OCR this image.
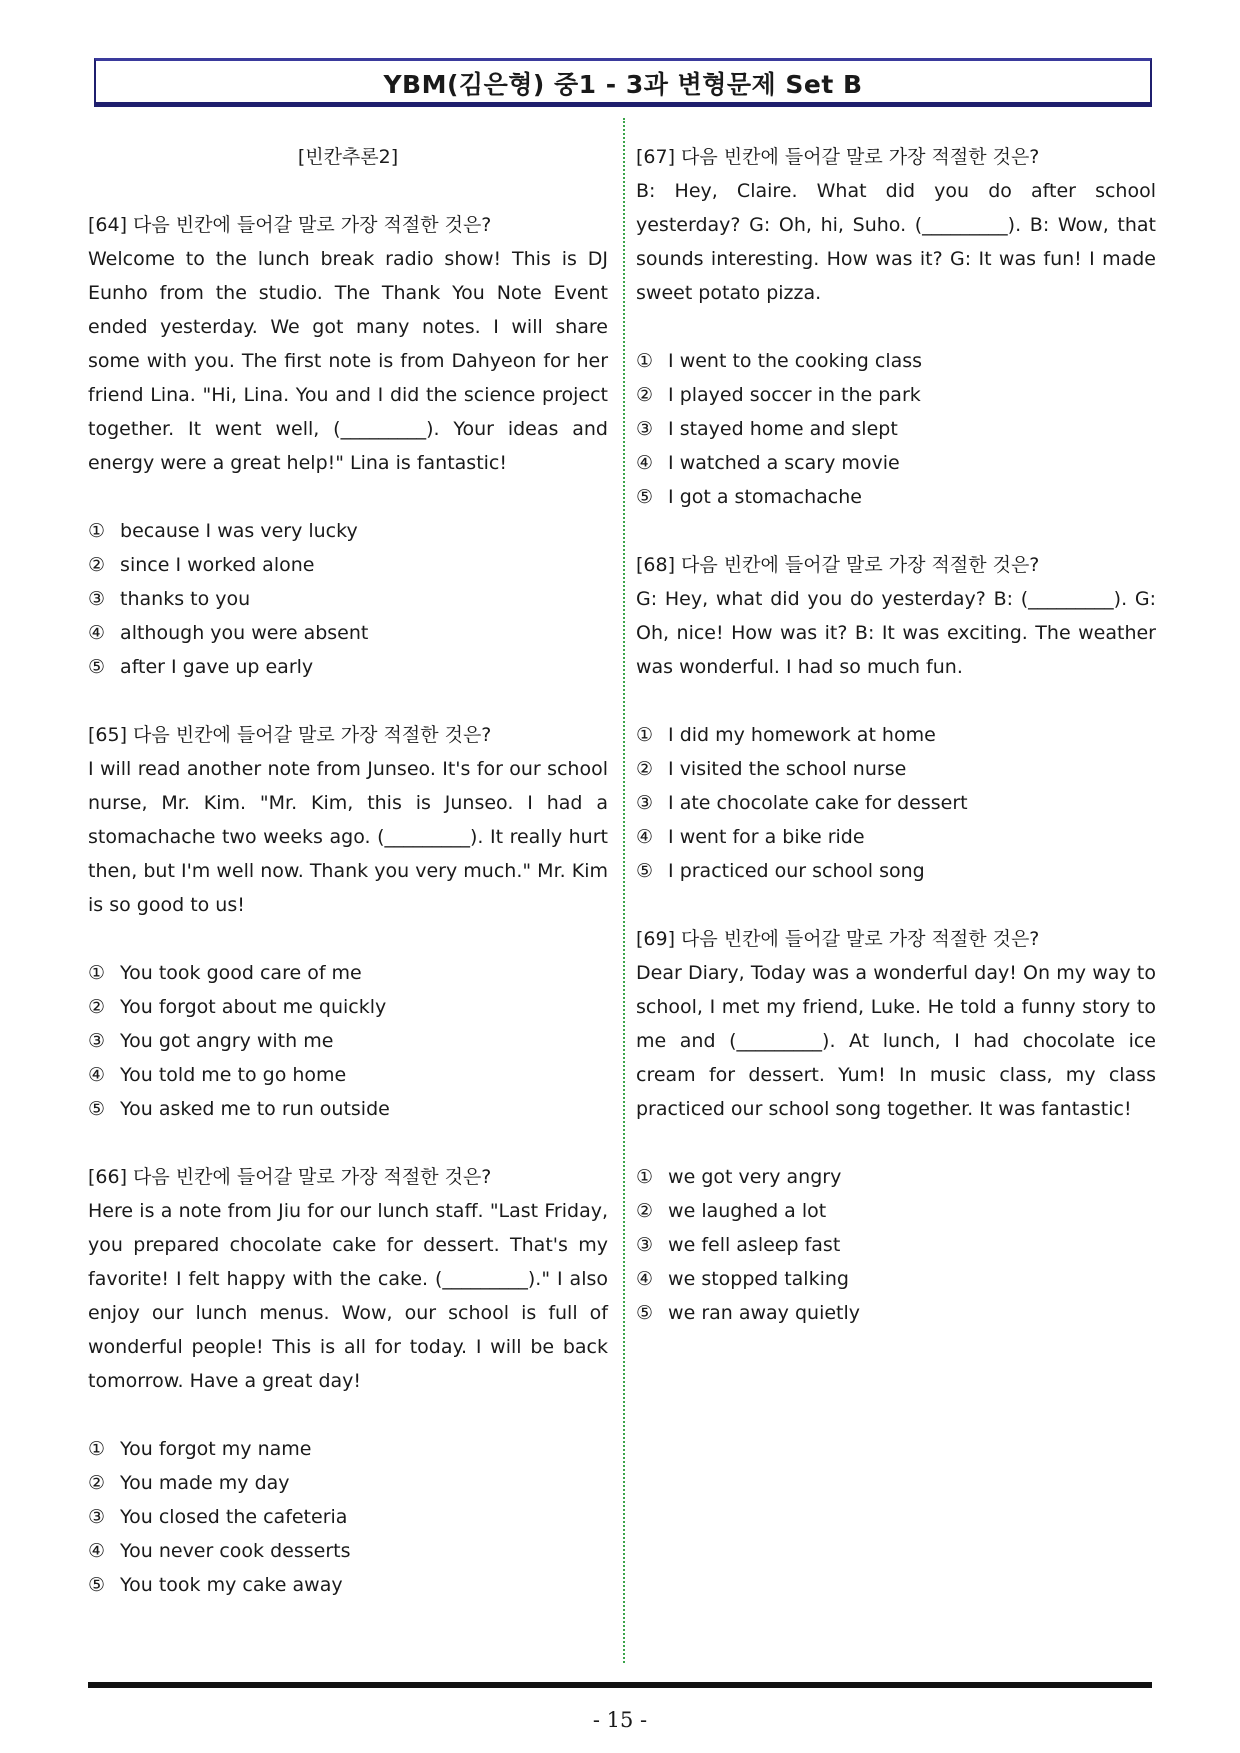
YBM(김은형) 중1 - 3과 변형문제 Set B
[빈칸추론2]

[64] 다음 빈칸에 들어갈 말로 가장 적절한 것은?

Welcome to the lunch break radio show! This is DJ Eunho from the studio. The Thank You Note Event ended yesterday. We got many notes. I will share some with you. The first note is from Dahyeon for her friend Lina. "Hi, Lina. You and I did the science project together. It went well, (_________). Your ideas and energy were a great help!" Lina is fantastic!

① because I was very lucky
② since I worked alone
③ thanks to you
④ although you were absent
⑤ after I gave up early

[65] 다음 빈칸에 들어갈 말로 가장 적절한 것은?

I will read another note from Junseo. It's for our school nurse, Mr. Kim. "Mr. Kim, this is Junseo. I had a stomachache two weeks ago. (_________). It really hurt then, but I'm well now. Thank you very much." Mr. Kim is so good to us!

① You took good care of me
② You forgot about me quickly
③ You got angry with me
④ You told me to go home
⑤ You asked me to run outside

[66] 다음 빈칸에 들어갈 말로 가장 적절한 것은?

Here is a note from Jiu for our lunch staff. "Last Friday, you prepared chocolate cake for dessert. That's my favorite! I felt happy with the cake. (_________)." I also enjoy our lunch menus. Wow, our school is full of wonderful people! This is all for today. I will be back tomorrow. Have a great day!

① You forgot my name
② You made my day
③ You closed the cafeteria
④ You never cook desserts
⑤ You took my cake away

[67] 다음 빈칸에 들어갈 말로 가장 적절한 것은?

B: Hey, Claire. What did you do after school yesterday? G: Oh, hi, Suho. (_________). B: Wow, that sounds interesting. How was it? G: It was fun! I made sweet potato pizza.

① I went to the cooking class
② I played soccer in the park
③ I stayed home and slept
④ I watched a scary movie
⑤ I got a stomachache

[68] 다음 빈칸에 들어갈 말로 가장 적절한 것은?

G: Hey, what did you do yesterday? B: (_________). G: Oh, nice! How was it? B: It was exciting. The weather was wonderful. I had so much fun.

① I did my homework at home
② I visited the school nurse
③ I ate chocolate cake for dessert
④ I went for a bike ride
⑤ I practiced our school song

[69] 다음 빈칸에 들어갈 말로 가장 적절한 것은?

Dear Diary, Today was a wonderful day! On my way to school, I met my friend, Luke. He told a funny story to me and (_________). At lunch, I had chocolate ice cream for dessert. Yum! In music class, my class practiced our school song together. It was fantastic!

① we got very angry
② we laughed a lot
③ we fell asleep fast
④ we stopped talking
⑤ we ran away quietly
- 15 -
